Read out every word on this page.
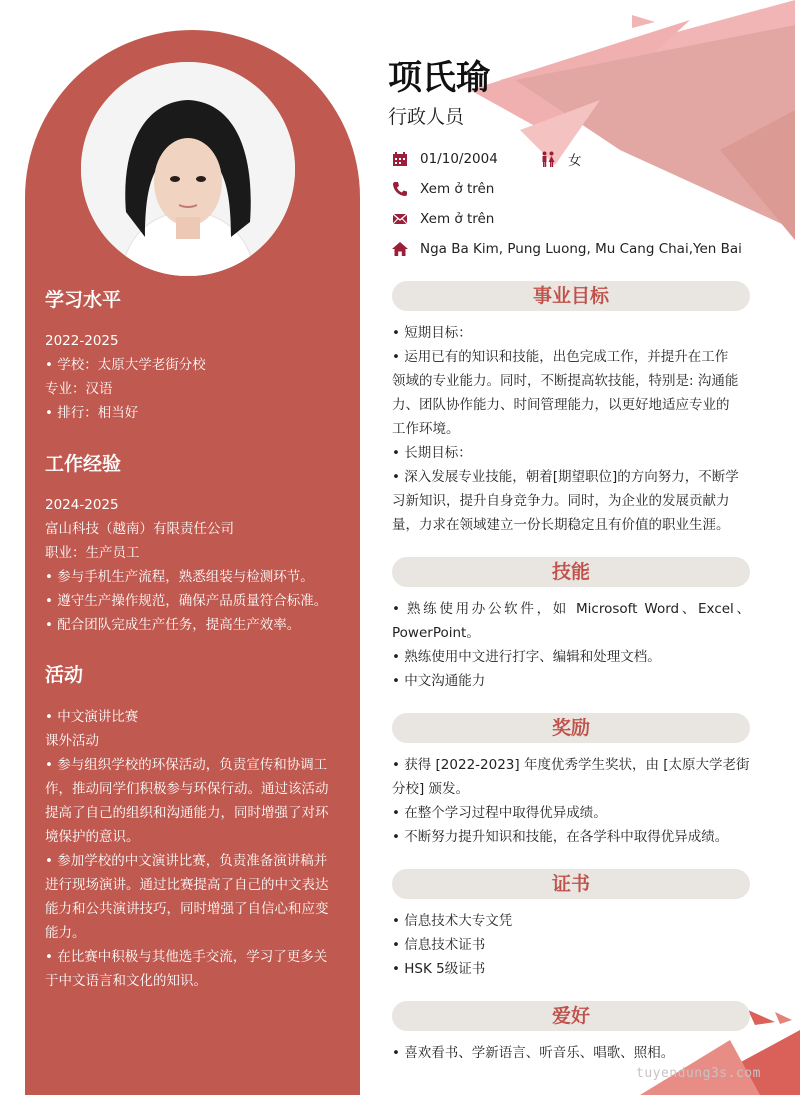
学习水平
2022-2025
• 学校：太原大学老街分校
专业：汉语
• 排行：相当好
工作经验
2024-2025
富山科技（越南）有限责任公司
职业：生产员工
• 参与手机生产流程，熟悉组装与检测环节。
• 遵守生产操作规范，确保产品质量符合标准。
• 配合团队完成生产任务，提高生产效率。
活动
• 中文演讲比赛
课外活动
• 参与组织学校的环保活动，负责宣传和协调工
作，推动同学们积极参与环保行动。通过该活动
提高了自己的组织和沟通能力，同时增强了对环
境保护的意识。
• 参加学校的中文演讲比赛，负责准备演讲稿并
进行现场演讲。通过比赛提高了自己的中文表达
能力和公共演讲技巧，同时增强了自信心和应变
能力。
• 在比赛中积极与其他选手交流，学习了更多关
于中文语言和文化的知识。
项氏瑜
行政人员
01/10/2004	女
Xem ở trên
Xem ở trên
Nga Ba Kim, Pung Luong, Mu Cang Chai,Yen Bai
事业目标
• 短期目标：
• 运用已有的知识和技能，出色完成工作，并提升在工作
领域的专业能力。同时，不断提高软技能，特别是: 沟通能
力、团队协作能力、时间管理能力，以更好地适应专业的
工作环境。
• 长期目标：
• 深入发展专业技能，朝着[期望职位]的方向努力，不断学
习新知识，提升自身竞争力。同时，为企业的发展贡献力
量，力求在领域建立一份长期稳定且有价值的职业生涯。
技能
• 熟练使用办公软件，如 Microsoft Word、Excel、
PowerPoint。
• 熟练使用中文进行打字、编辑和处理文档。
• 中文沟通能力
奖励
• 获得 [2022-2023] 年度优秀学生奖状，由 [太原大学老街
分校] 颁发。
• 在整个学习过程中取得优异成绩。
• 不断努力提升知识和技能，在各学科中取得优异成绩。
证书
• 信息技术大专文凭
• 信息技术证书
• HSK 5级证书
爱好
• 喜欢看书、学新语言、听音乐、唱歌、照相。
tuyendung3s.com
